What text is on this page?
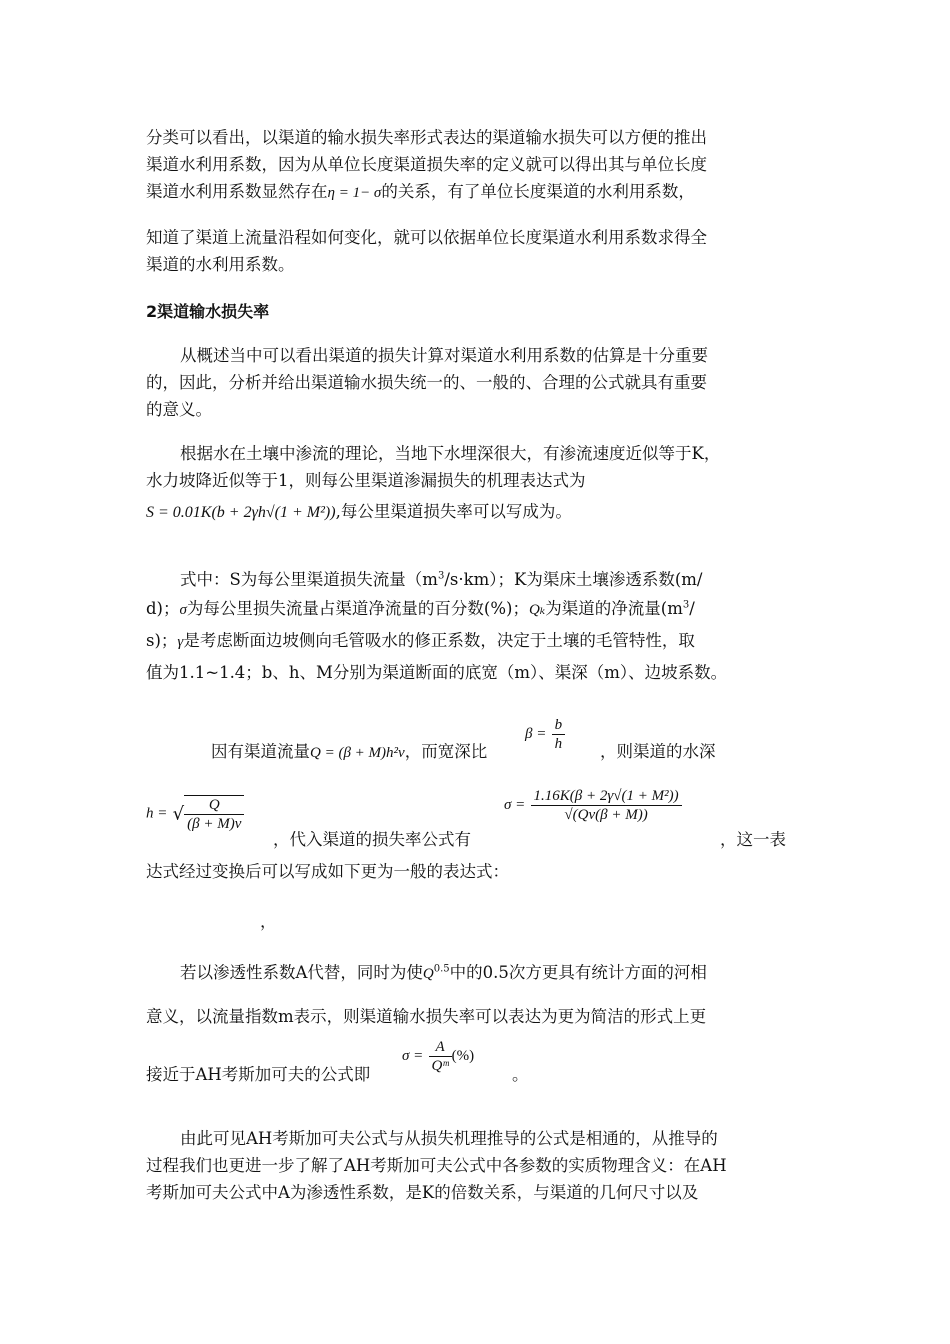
分类可以看出，以渠道的输水损失率形式表达的渠道输水损失可以方便的推出
渠道水利用系数，因为从单位长度渠道损失率的定义就可以得出其与单位长度
渠道水利用系数显然存在η = 1− σ的关系，有了单位长度渠道的水利用系数，
知道了渠道上流量沿程如何变化，就可以依据单位长度渠道水利用系数求得全
渠道的水利用系数。
2渠道输水损失率
从概述当中可以看出渠道的损失计算对渠道水利用系数的估算是十分重要
的，因此，分析并给出渠道输水损失统一的、一般的、合理的公式就具有重要
的意义。
根据水在土壤中渗流的理论，当地下水埋深很大，有渗流速度近似等于K，
水力坡降近似等于1，则每公里渠道渗漏损失的机理表达式为
S = 0.01K(b + 2γh√(1 + M²)),每公里渠道损失率可以写成为。
式中：S为每公里渠道损失流量$(m^3/s\cdot km)$；K为渠床土壤渗透系数(m/
d)；σ为每公里损失流量占渠道净流量的百分数(%)；Qₖ为渠道的净流量($m^3/$
s)；γ是考虑断面边坡侧向毛管吸水的修正系数，决定于土壤的毛管特性，取
值为1.1~1.4；b、h、M分别为渠道断面的底宽（m）、渠深（m）、边坡系数。
因有渠道流量Q = (β + M)h²v，而宽深比
$\beta = \frac{b}{h}$ ，则渠道的水深
h = √ $\frac{Q}{(\beta + M)v}$
，代入渠道的损失率公式有
$\sigma = \frac{\text{1.16K(β + 2γ√(1 + M²))}}{√(Qv(\beta + M))}$
，这一表
达式经过变换后可以写成如下更为一般的表达式：
，
若以渗透性系数A代替，同时为使$Q^{0.5}$中的0.5次方更具有统计方面的河相
意义，以流量指数m表示，则渠道输水损失率可以表达为更为简洁的形式上更
接近于AH考斯加可夫的公式即
$\sigma = \frac{A}{\text{Qᵐ}}$ (%)
。
由此可见AH考斯加可夫公式与从损失机理推导的公式是相通的，从推导的
过程我们也更进一步了解了AH考斯加可夫公式中各参数的实质物理含义：在AH
考斯加可夫公式中A为渗透性系数，是K的倍数关系，与渠道的几何尺寸以及
